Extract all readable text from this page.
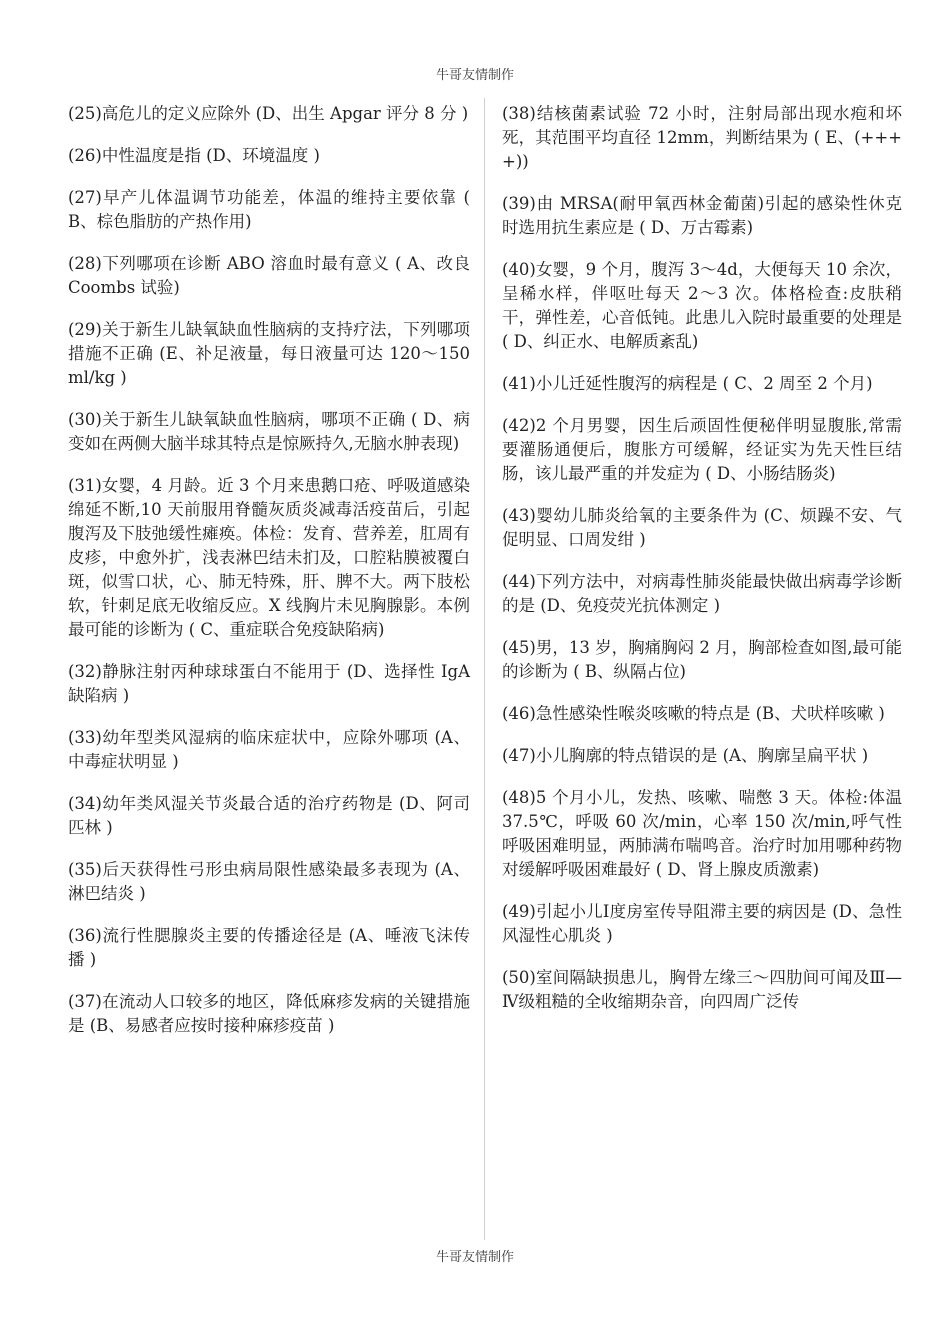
牛哥友情制作

(25)高危儿的定义应除外 (D、出生 Apgar 评分 8 分 )

(26)中性温度是指 (D、环境温度 )

(27)早产儿体温调节功能差，体温的维持主要依靠 ( B、棕色脂肪的产热作用)

(28)下列哪项在诊断 ABO 溶血时最有意义 ( A、改良 Coombs 试验)

(29)关于新生儿缺氧缺血性脑病的支持疗法，下列哪项措施不正确 (E、补足液量，每日液量可达 120～150ml/kg )

(30)关于新生儿缺氧缺血性脑病，哪项不正确 ( D、病变如在两侧大脑半球其特点是惊厥持久,无脑水肿表现)

(31)女婴，4 月龄。近 3 个月来患鹅口疮、呼吸道感染绵延不断,10 天前服用脊髓灰质炎减毒活疫苗后，引起腹泻及下肢弛缓性瘫痪。体检：发育、营养差，肛周有皮疹，中愈外扩，浅表淋巴结未扪及，口腔粘膜被覆白斑，似雪口状，心、肺无特殊，肝、脾不大。两下肢松软，针刺足底无收缩反应。X 线胸片未见胸腺影。本例最可能的诊断为 ( C、重症联合免疫缺陷病)

(32)静脉注射丙种球球蛋白不能用于 (D、选择性 IgA 缺陷病 )

(33)幼年型类风湿病的临床症状中，应除外哪项 (A、中毒症状明显 )

(34)幼年类风湿关节炎最合适的治疗药物是 (D、阿司匹林 )

(35)后天获得性弓形虫病局限性感染最多表现为 (A、淋巴结炎 )

(36)流行性腮腺炎主要的传播途径是 (A、唾液飞沫传播 )

(37)在流动人口较多的地区，降低麻疹发病的关键措施是 (B、易感者应按时接种麻疹疫苗 )

(38)结核菌素试验 72 小时，注射局部出现水疱和坏死，其范围平均直径 12mm，判断结果为 ( E、(++++))

(39)由 MRSA(耐甲氧西林金葡菌)引起的感染性休克时选用抗生素应是 ( D、万古霉素)

(40)女婴，9 个月，腹泻 3～4d，大便每天 10 余次，呈稀水样，伴呕吐每天 2～3 次。体格检查:皮肤稍干，弹性差，心音低钝。此患儿入院时最重要的处理是 ( D、纠正水、电解质紊乱)

(41)小儿迁延性腹泻的病程是 ( C、2 周至 2 个月)

(42)2 个月男婴，因生后顽固性便秘伴明显腹胀,常需要灌肠通便后，腹胀方可缓解，经证实为先天性巨结肠，该儿最严重的并发症为 ( D、小肠结肠炎)

(43)婴幼儿肺炎给氧的主要条件为 (C、烦躁不安、气促明显、口周发绀 )

(44)下列方法中，对病毒性肺炎能最快做出病毒学诊断的是 (D、免疫荧光抗体测定 )

(45)男，13 岁，胸痛胸闷 2 月，胸部检查如图,最可能的诊断为 ( B、纵隔占位)

(46)急性感染性喉炎咳嗽的特点是 (B、犬吠样咳嗽 )

(47)小儿胸廓的特点错误的是 (A、胸廓呈扁平状 )

(48)5 个月小儿，发热、咳嗽、喘憋 3 天。体检:体温 37.5℃，呼吸 60 次/min，心率 150 次/min,呼气性呼吸困难明显，两肺满布喘鸣音。治疗时加用哪种药物对缓解呼吸困难最好 ( D、肾上腺皮质激素)

(49)引起小儿Ⅰ度房室传导阻滞主要的病因是 (D、急性风湿性心肌炎 )

(50)室间隔缺损患儿，胸骨左缘三～四肋间可闻及Ⅲ—Ⅳ级粗糙的全收缩期杂音，向四周广泛传

牛哥友情制作
